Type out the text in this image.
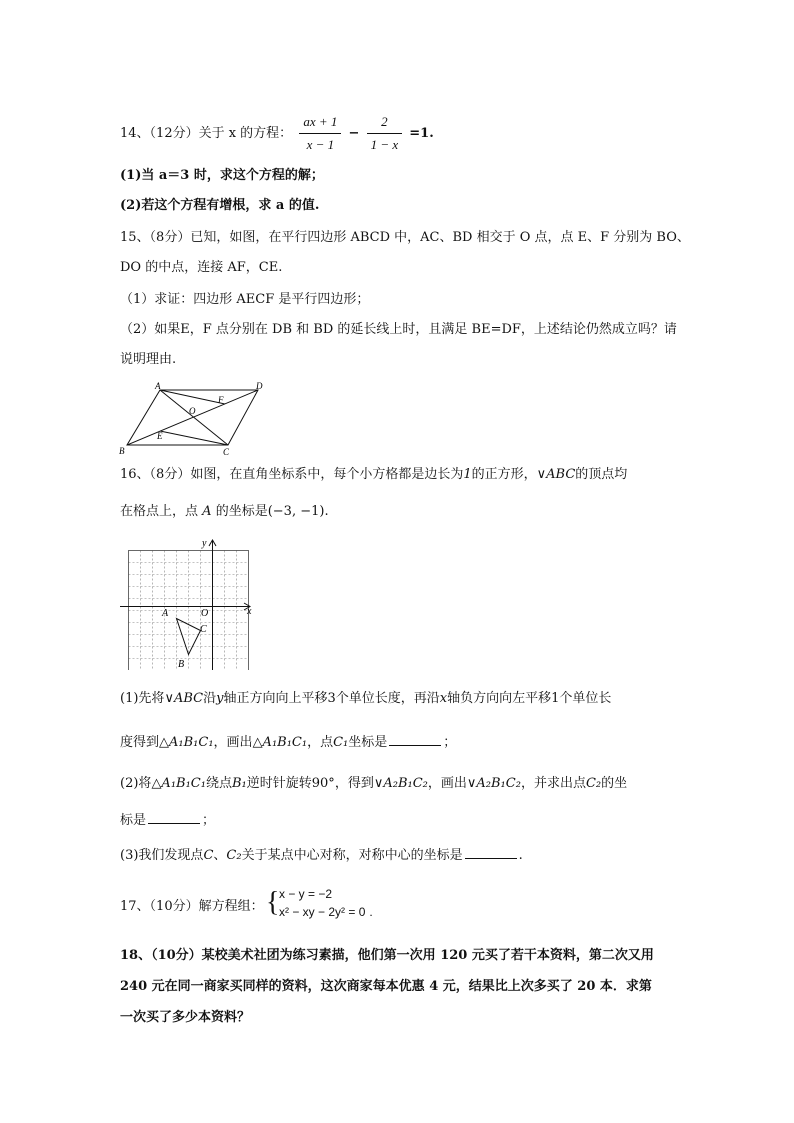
14、（12分）关于 x 的方程： $\frac{ax + 1}{x - 1} - \frac{2}{1 - x} =1$.
(1)当 a＝3 时，求这个方程的解；
(2)若这个方程有增根，求 a 的值.
15、（8分）已知，如图，在平行四边形 ABCD 中，AC、BD 相交于 O 点，点 E、F 分别为 BO、
DO 的中点，连接 AF，CE.
（1）求证：四边形 AECF 是平行四边形；
（2）如果E，F 点分别在 DB 和 BD 的延长线上时，且满足 BE=DF，上述结论仍然成立吗？请
说明理由.
A	D
F
O
E
B	C
16、（8分）如图，在直角坐标系中，每个小方格都是边长为1的正方形，∨ABC的顶点均
在格点上，点 A 的坐标是(−3, −1).
x
y
O
A
B
C
(1)先将∨ABC沿y轴正方向向上平移3个单位长度，再沿x轴负方向向左平移1个单位长
度得到△A₁B₁C₁，画出△A₁B₁C₁，点C₁坐标是	；
(2)将△A₁B₁C₁绕点B₁逆时针旋转90°，得到∨A₂B₁C₂，画出∨A₂B₁C₂，并求出点C₂的坐
标是	；
(3)我们发现点C、C₂关于某点中心对称，对称中心的坐标是	.
17、（10分）解方程组： { x − y = −2
x² − xy − 2y² = 0 .
18、（10分）某校美术社团为练习素描，他们第一次用 120 元买了若干本资料，第二次又用
240 元在同一商家买同样的资料，这次商家每本优惠 4 元，结果比上次多买了 20 本．求第
一次买了多少本资料？
